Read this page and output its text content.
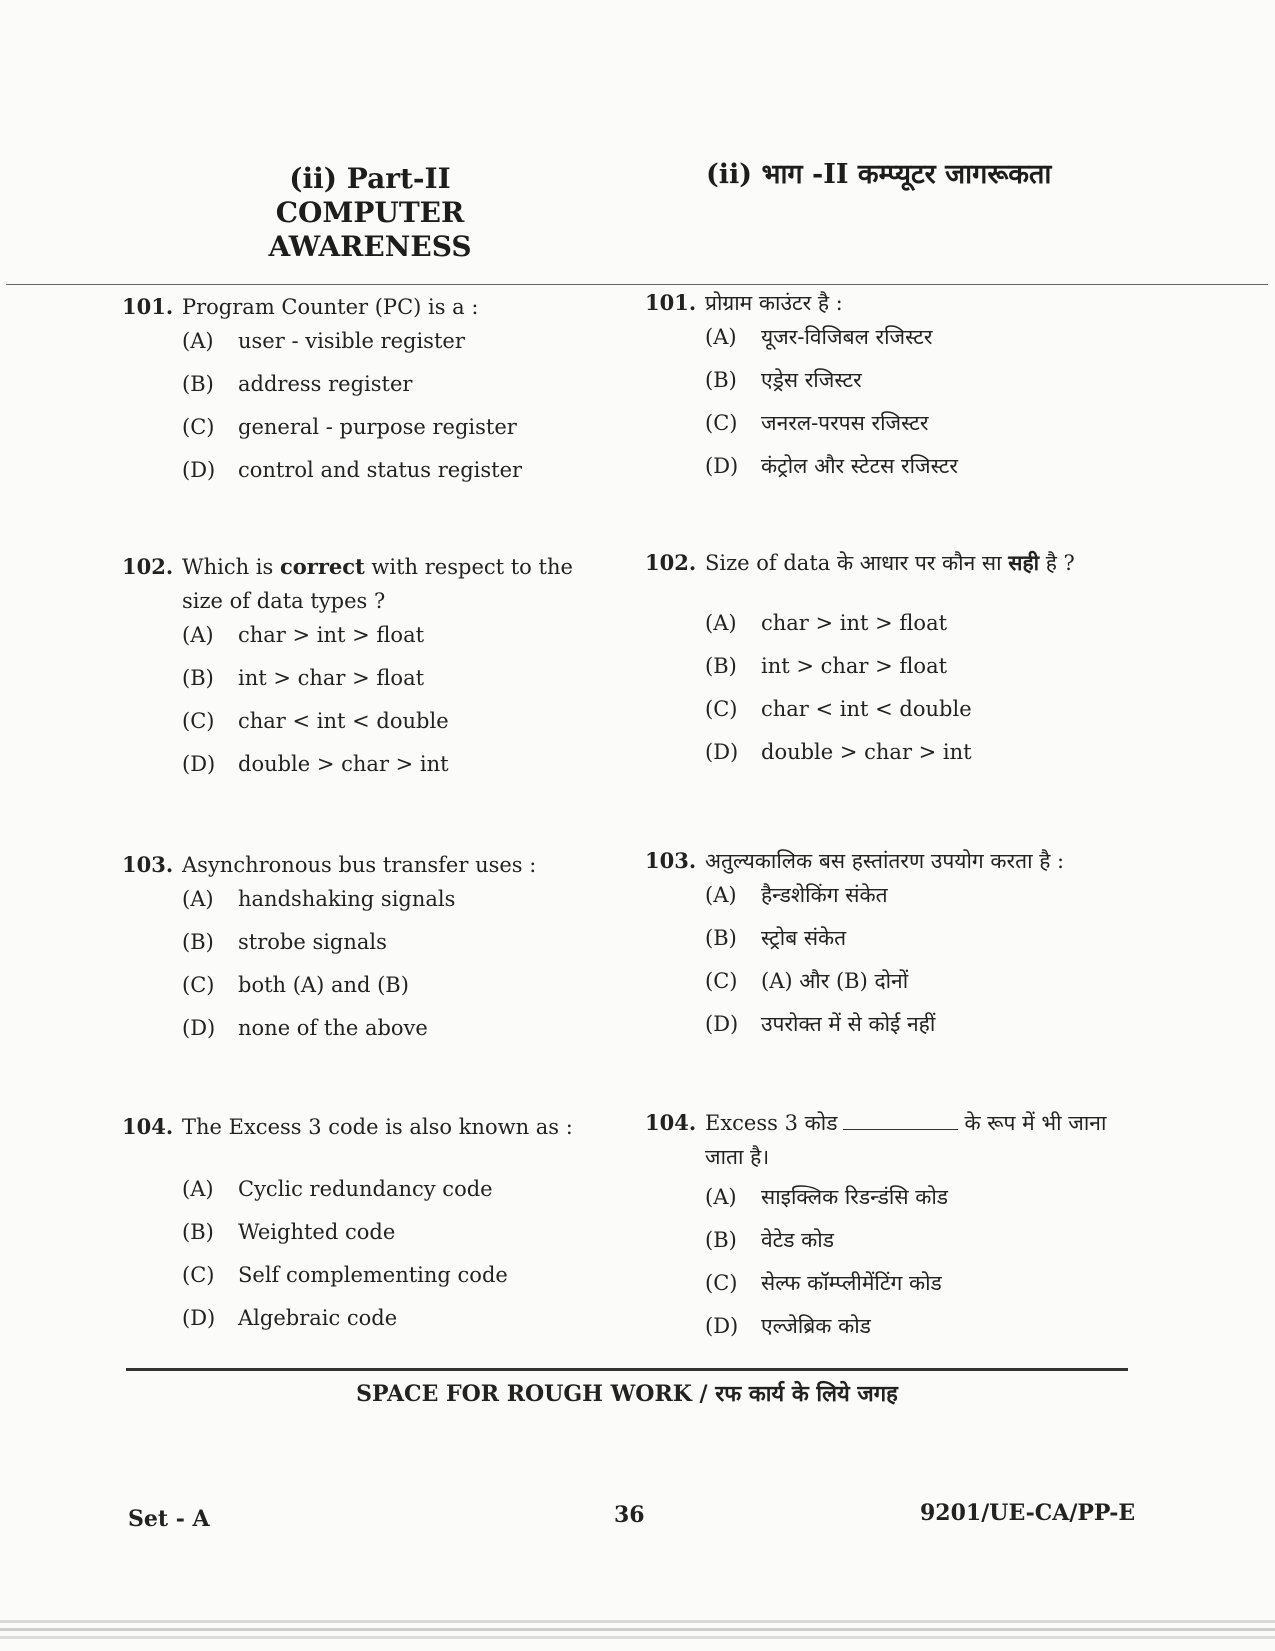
(ii) Part-II COMPUTER
AWARENESS
(ii) भाग -II कम्प्यूटर जागरूकता
101. Program Counter (PC) is a :
(A) user - visible register
(B) address register
(C) general - purpose register
(D) control and status register
102. Which is correct with respect to the size of data types ?
(A) char > int > float
(B) int > char > float
(C) char < int < double
(D) double > char > int
103. Asynchronous bus transfer uses :
(A) handshaking signals
(B) strobe signals
(C) both (A) and (B)
(D) none of the above
104. The Excess 3 code is also known as :
(A) Cyclic redundancy code
(B) Weighted code
(C) Self complementing code
(D) Algebraic code
101. प्रोग्राम काउंटर है :
(A) यूजर-विजिबल रजिस्टर
(B) एड्रेस रजिस्टर
(C) जनरल-परपस रजिस्टर
(D) कंट्रोल और स्टेटस रजिस्टर
102. Size of data के आधार पर कौन सा सही है ?
(A) char > int > float
(B) int > char > float
(C) char < int < double
(D) double > char > int
103. अतुल्यकालिक बस हस्तांतरण उपयोग करता है :
(A) हैन्डशेकिंग संकेत
(B) स्ट्रोब संकेत
(C) (A) और (B) दोनों
(D) उपरोक्त में से कोई नहीं
104. Excess 3 कोड	के रूप में भी जाना जाता है।
(A) साइक्लिक रिडन्डंसि कोड
(B) वेटेड कोड
(C) सेल्फ कॉम्प्लीमेंटिंग कोड
(D) एल्जेब्रिक कोड
SPACE FOR ROUGH WORK / रफ कार्य के लिये जगह
Set - A	36	9201/UE-CA/PP-E
